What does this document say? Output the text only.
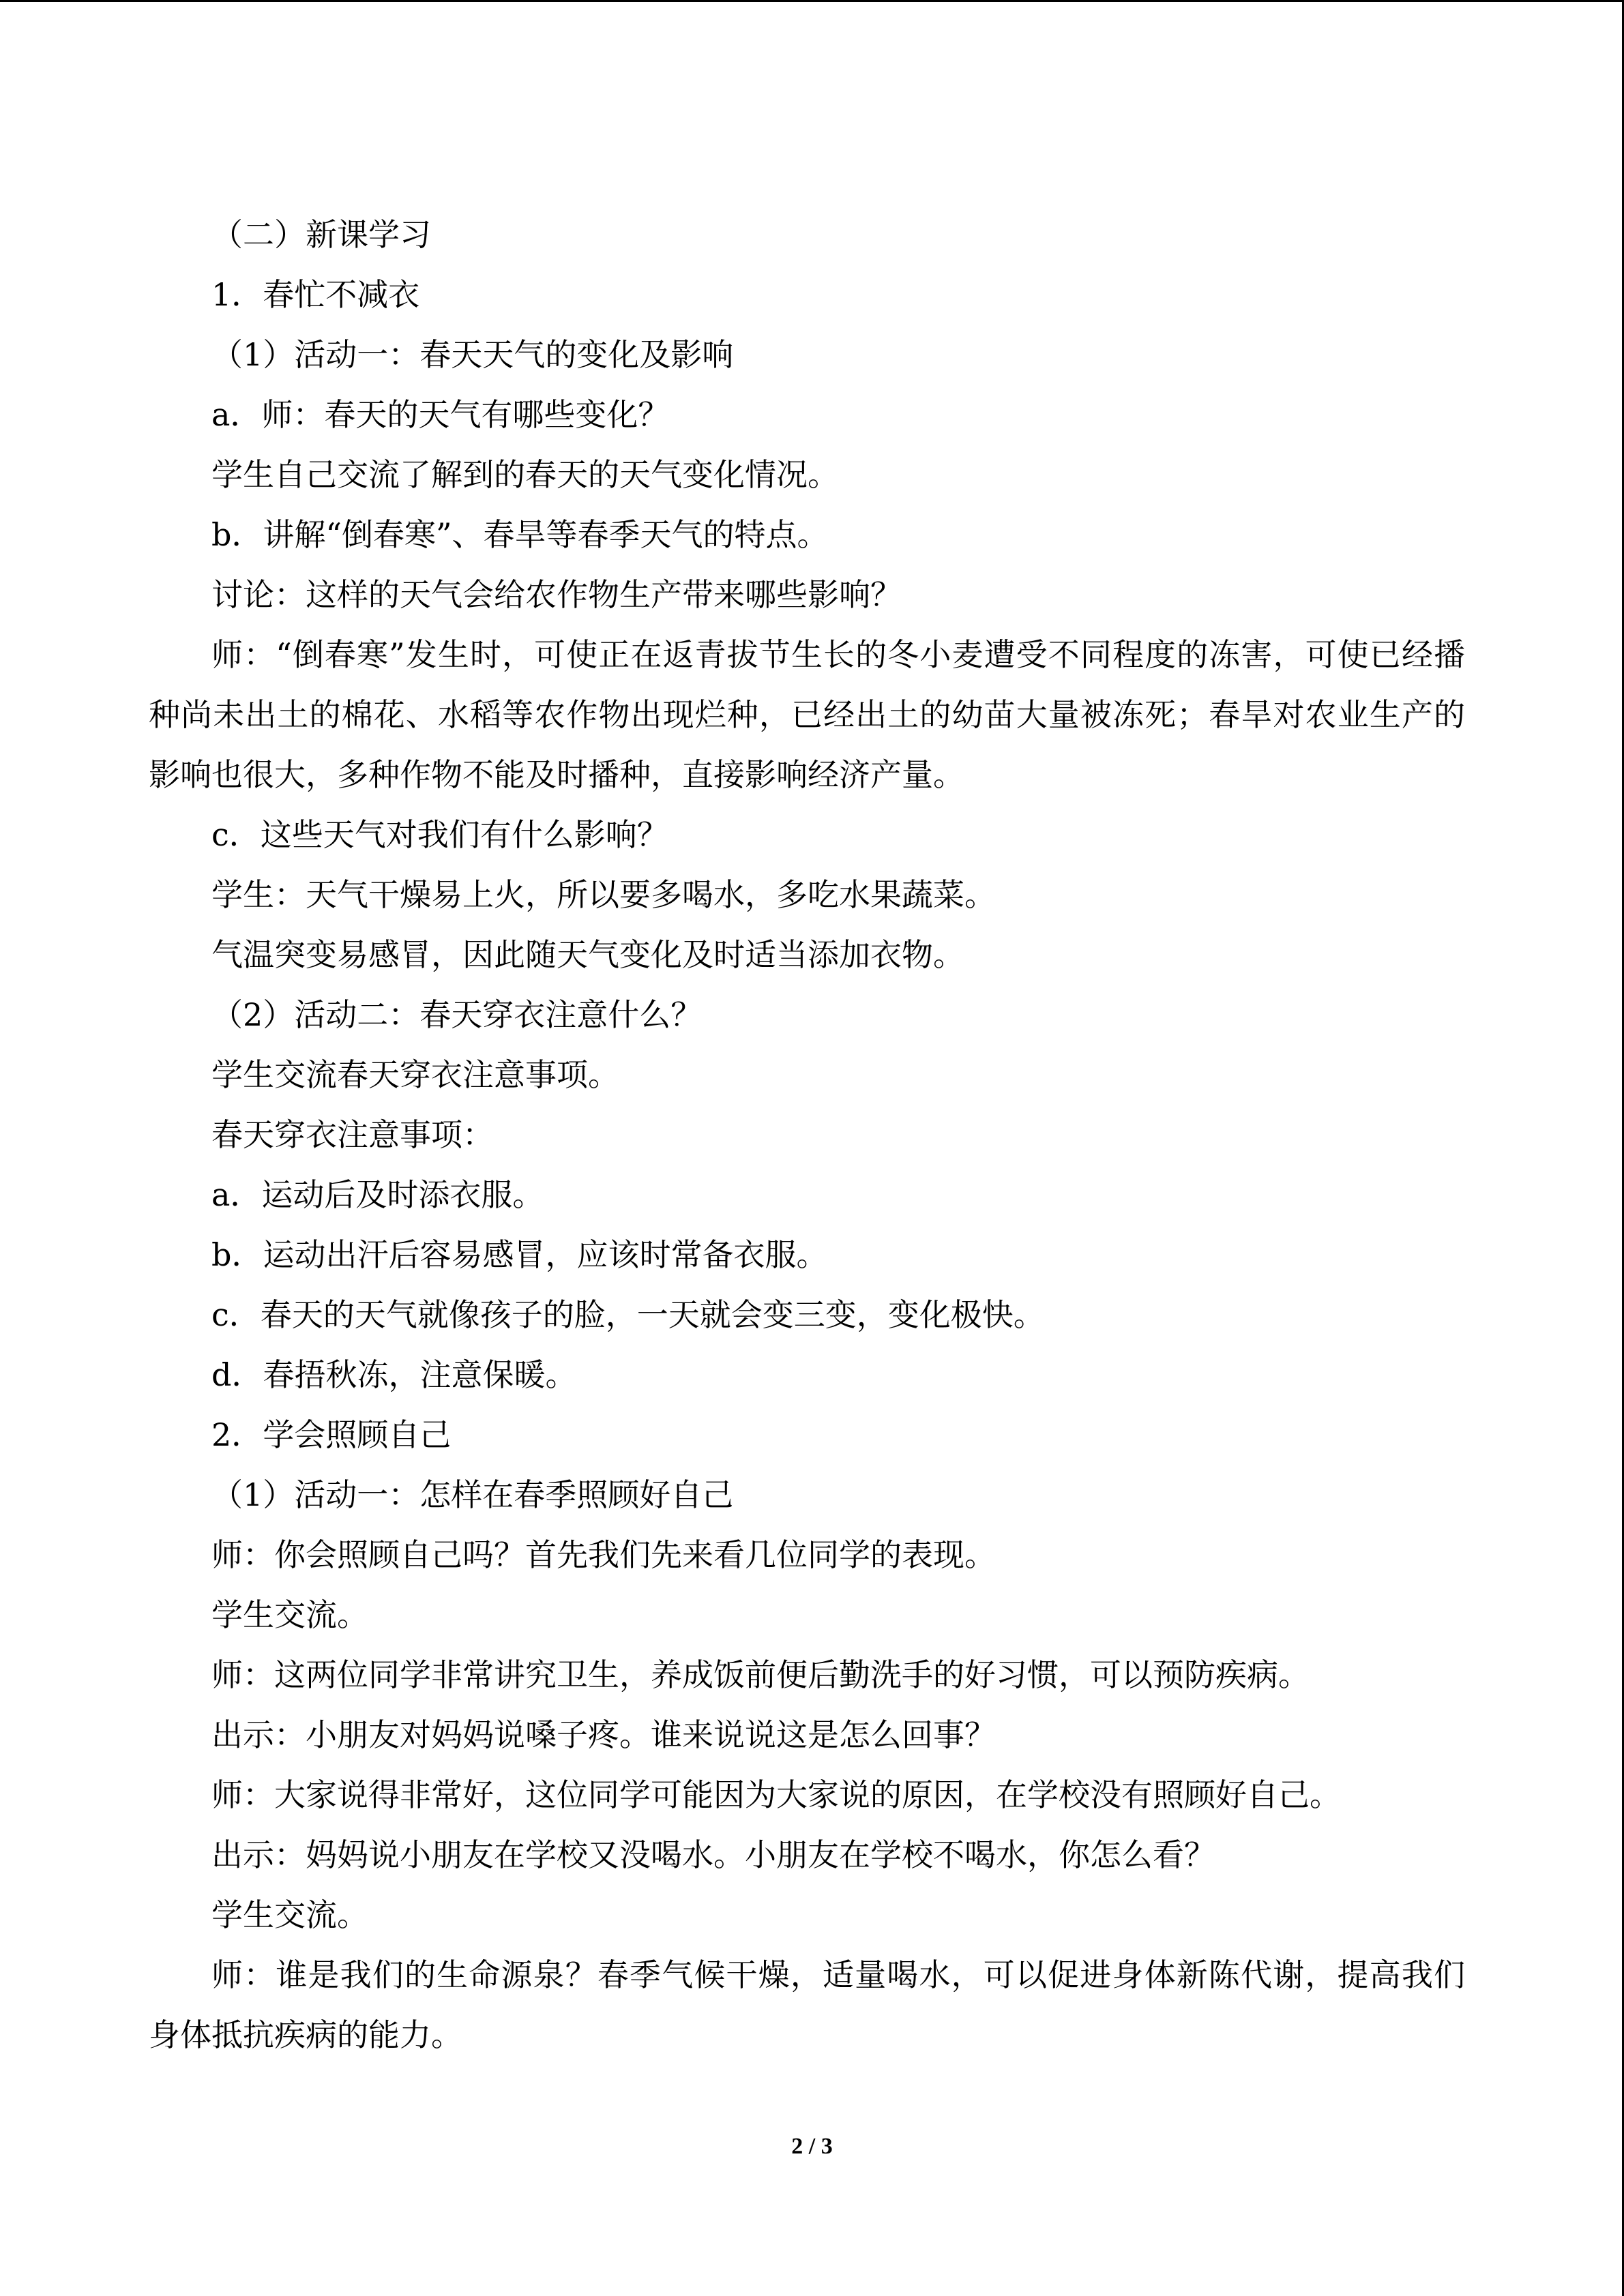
（二）新课学习

1．春忙不减衣

（1）活动一：春天天气的变化及影响

a．师：春天的天气有哪些变化？

学生自己交流了解到的春天的天气变化情况。

b．讲解“倒春寒”、春旱等春季天气的特点。

讨论：这样的天气会给农作物生产带来哪些影响？

师：“倒春寒”发生时，可使正在返青拔节生长的冬小麦遭受不同程度的冻害，可使已经播种尚未出土的棉花、水稻等农作物出现烂种，已经出土的幼苗大量被冻死；春旱对农业生产的影响也很大，多种作物不能及时播种，直接影响经济产量。

c．这些天气对我们有什么影响？

学生：天气干燥易上火，所以要多喝水，多吃水果蔬菜。

气温突变易感冒，因此随天气变化及时适当添加衣物。

（2）活动二：春天穿衣注意什么？

学生交流春天穿衣注意事项。

春天穿衣注意事项：

a．运动后及时添衣服。

b．运动出汗后容易感冒，应该时常备衣服。

c．春天的天气就像孩子的脸，一天就会变三变，变化极快。

d．春捂秋冻，注意保暖。

2．学会照顾自己

（1）活动一：怎样在春季照顾好自己

师：你会照顾自己吗？首先我们先来看几位同学的表现。

学生交流。

师：这两位同学非常讲究卫生，养成饭前便后勤洗手的好习惯，可以预防疾病。

出示：小朋友对妈妈说嗓子疼。谁来说说这是怎么回事？

师：大家说得非常好，这位同学可能因为大家说的原因，在学校没有照顾好自己。

出示：妈妈说小朋友在学校又没喝水。小朋友在学校不喝水，你怎么看？

学生交流。

师：谁是我们的生命源泉？春季气候干燥，适量喝水，可以促进身体新陈代谢，提高我们身体抵抗疾病的能力。

2 / 3
